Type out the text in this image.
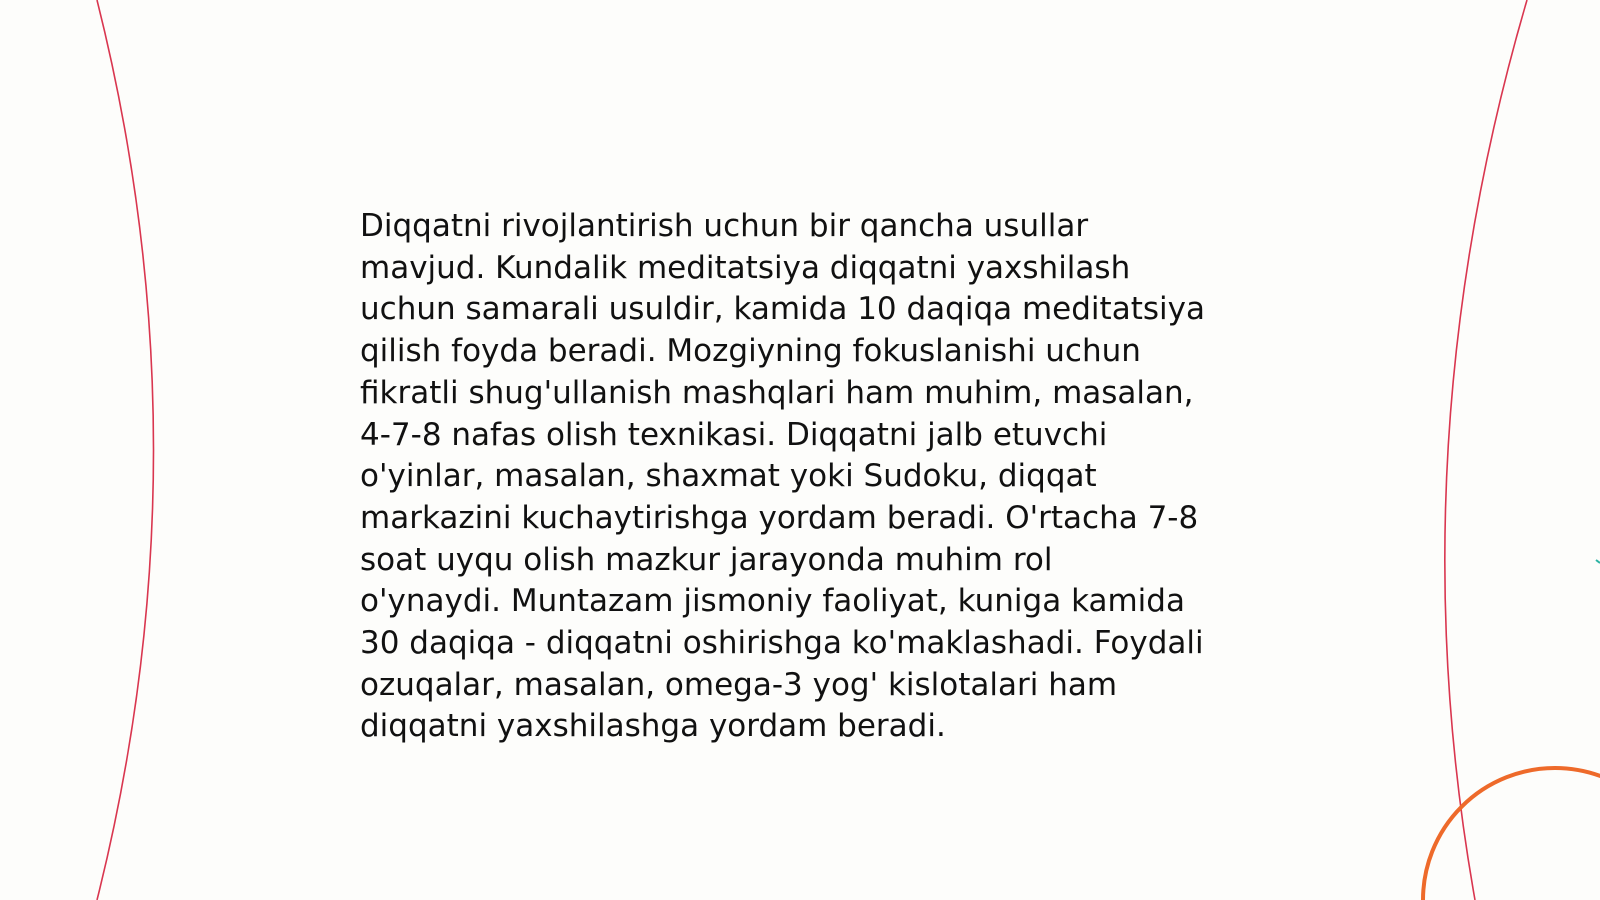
Diqqatni rivojlantirish uchun bir qancha usullar
mavjud. Kundalik meditatsiya diqqatni yaxshilash
uchun samarali usuldir, kamida 10 daqiqa meditatsiya
qilish foyda beradi. Mozgiyning fokuslanishi uchun
fikratli shug'ullanish mashqlari ham muhim, masalan,
4-7-8 nafas olish texnikasi. Diqqatni jalb etuvchi
o'yinlar, masalan, shaxmat yoki Sudoku, diqqat
markazini kuchaytirishga yordam beradi. O'rtacha 7-8
soat uyqu olish mazkur jarayonda muhim rol
o'ynaydi. Muntazam jismoniy faoliyat, kuniga kamida
30 daqiqa - diqqatni oshirishga ko'maklashadi. Foydali
ozuqalar, masalan, omega-3 yog' kislotalari ham
diqqatni yaxshilashga yordam beradi.
